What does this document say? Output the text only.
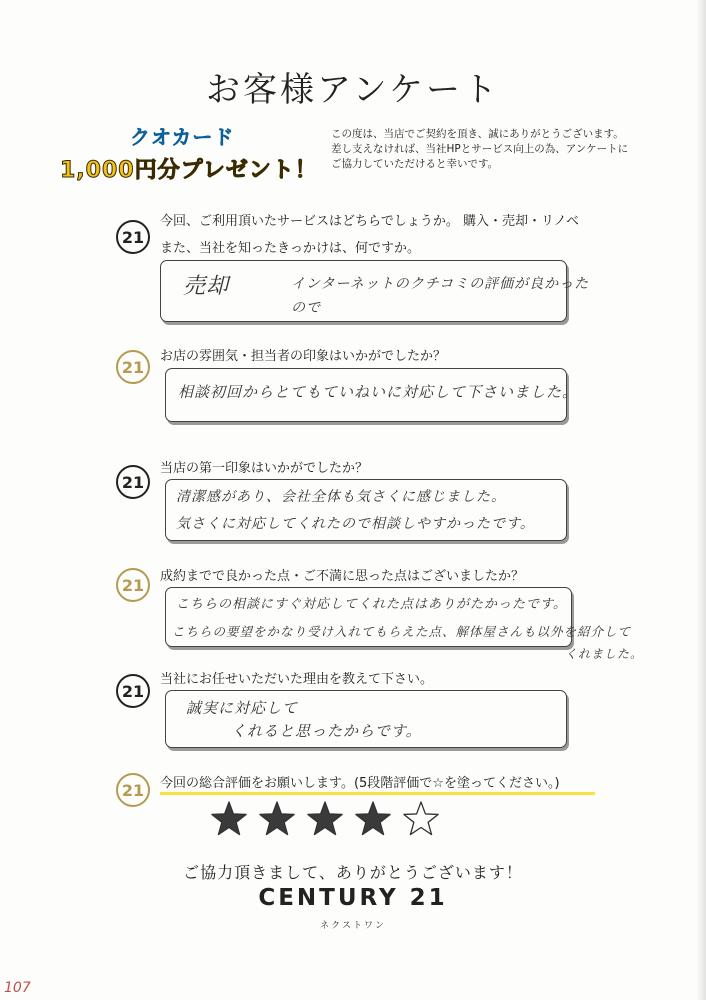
お客様アンケート
クオカード
1,000円分プレゼント！
この度は、当店でご契約を頂き、誠にありがとうございます。
差し支えなければ、当社HPとサービス向上の為、アンケートに
ご協力していただけると幸いです。
21
今回、ご利用頂いたサービスはどちらでしょうか。 購入・売却・リノベ
また、当社を知ったきっかけは、何ですか。
売却	インターネットのクチコミの評価が良かった
ので
21
お店の雰囲気・担当者の印象はいかがでしたか？
相談初回からとてもていねいに対応して下さいました。
21
当店の第一印象はいかがでしたか？
清潔感があり、会社全体も気さくに感じました。
気さくに対応してくれたので相談しやすかったです。
21	成約までで良かった点・ご不満に思った点はございましたか？
こちらの相談にすぐ対応してくれた点はありがたかったです。
こちらの要望をかなり受け入れてもらえた点、解体屋さんも以外を紹介して
くれました。
21
当社にお任せいただいた理由を教えて下さい。
誠実に対応して
くれると思ったからです。
21	今回の総合評価をお願いします。(5段階評価で☆を塗ってください。)
ご協力頂きまして、ありがとうございます！
CENTURY 21
ネクストワン
107
